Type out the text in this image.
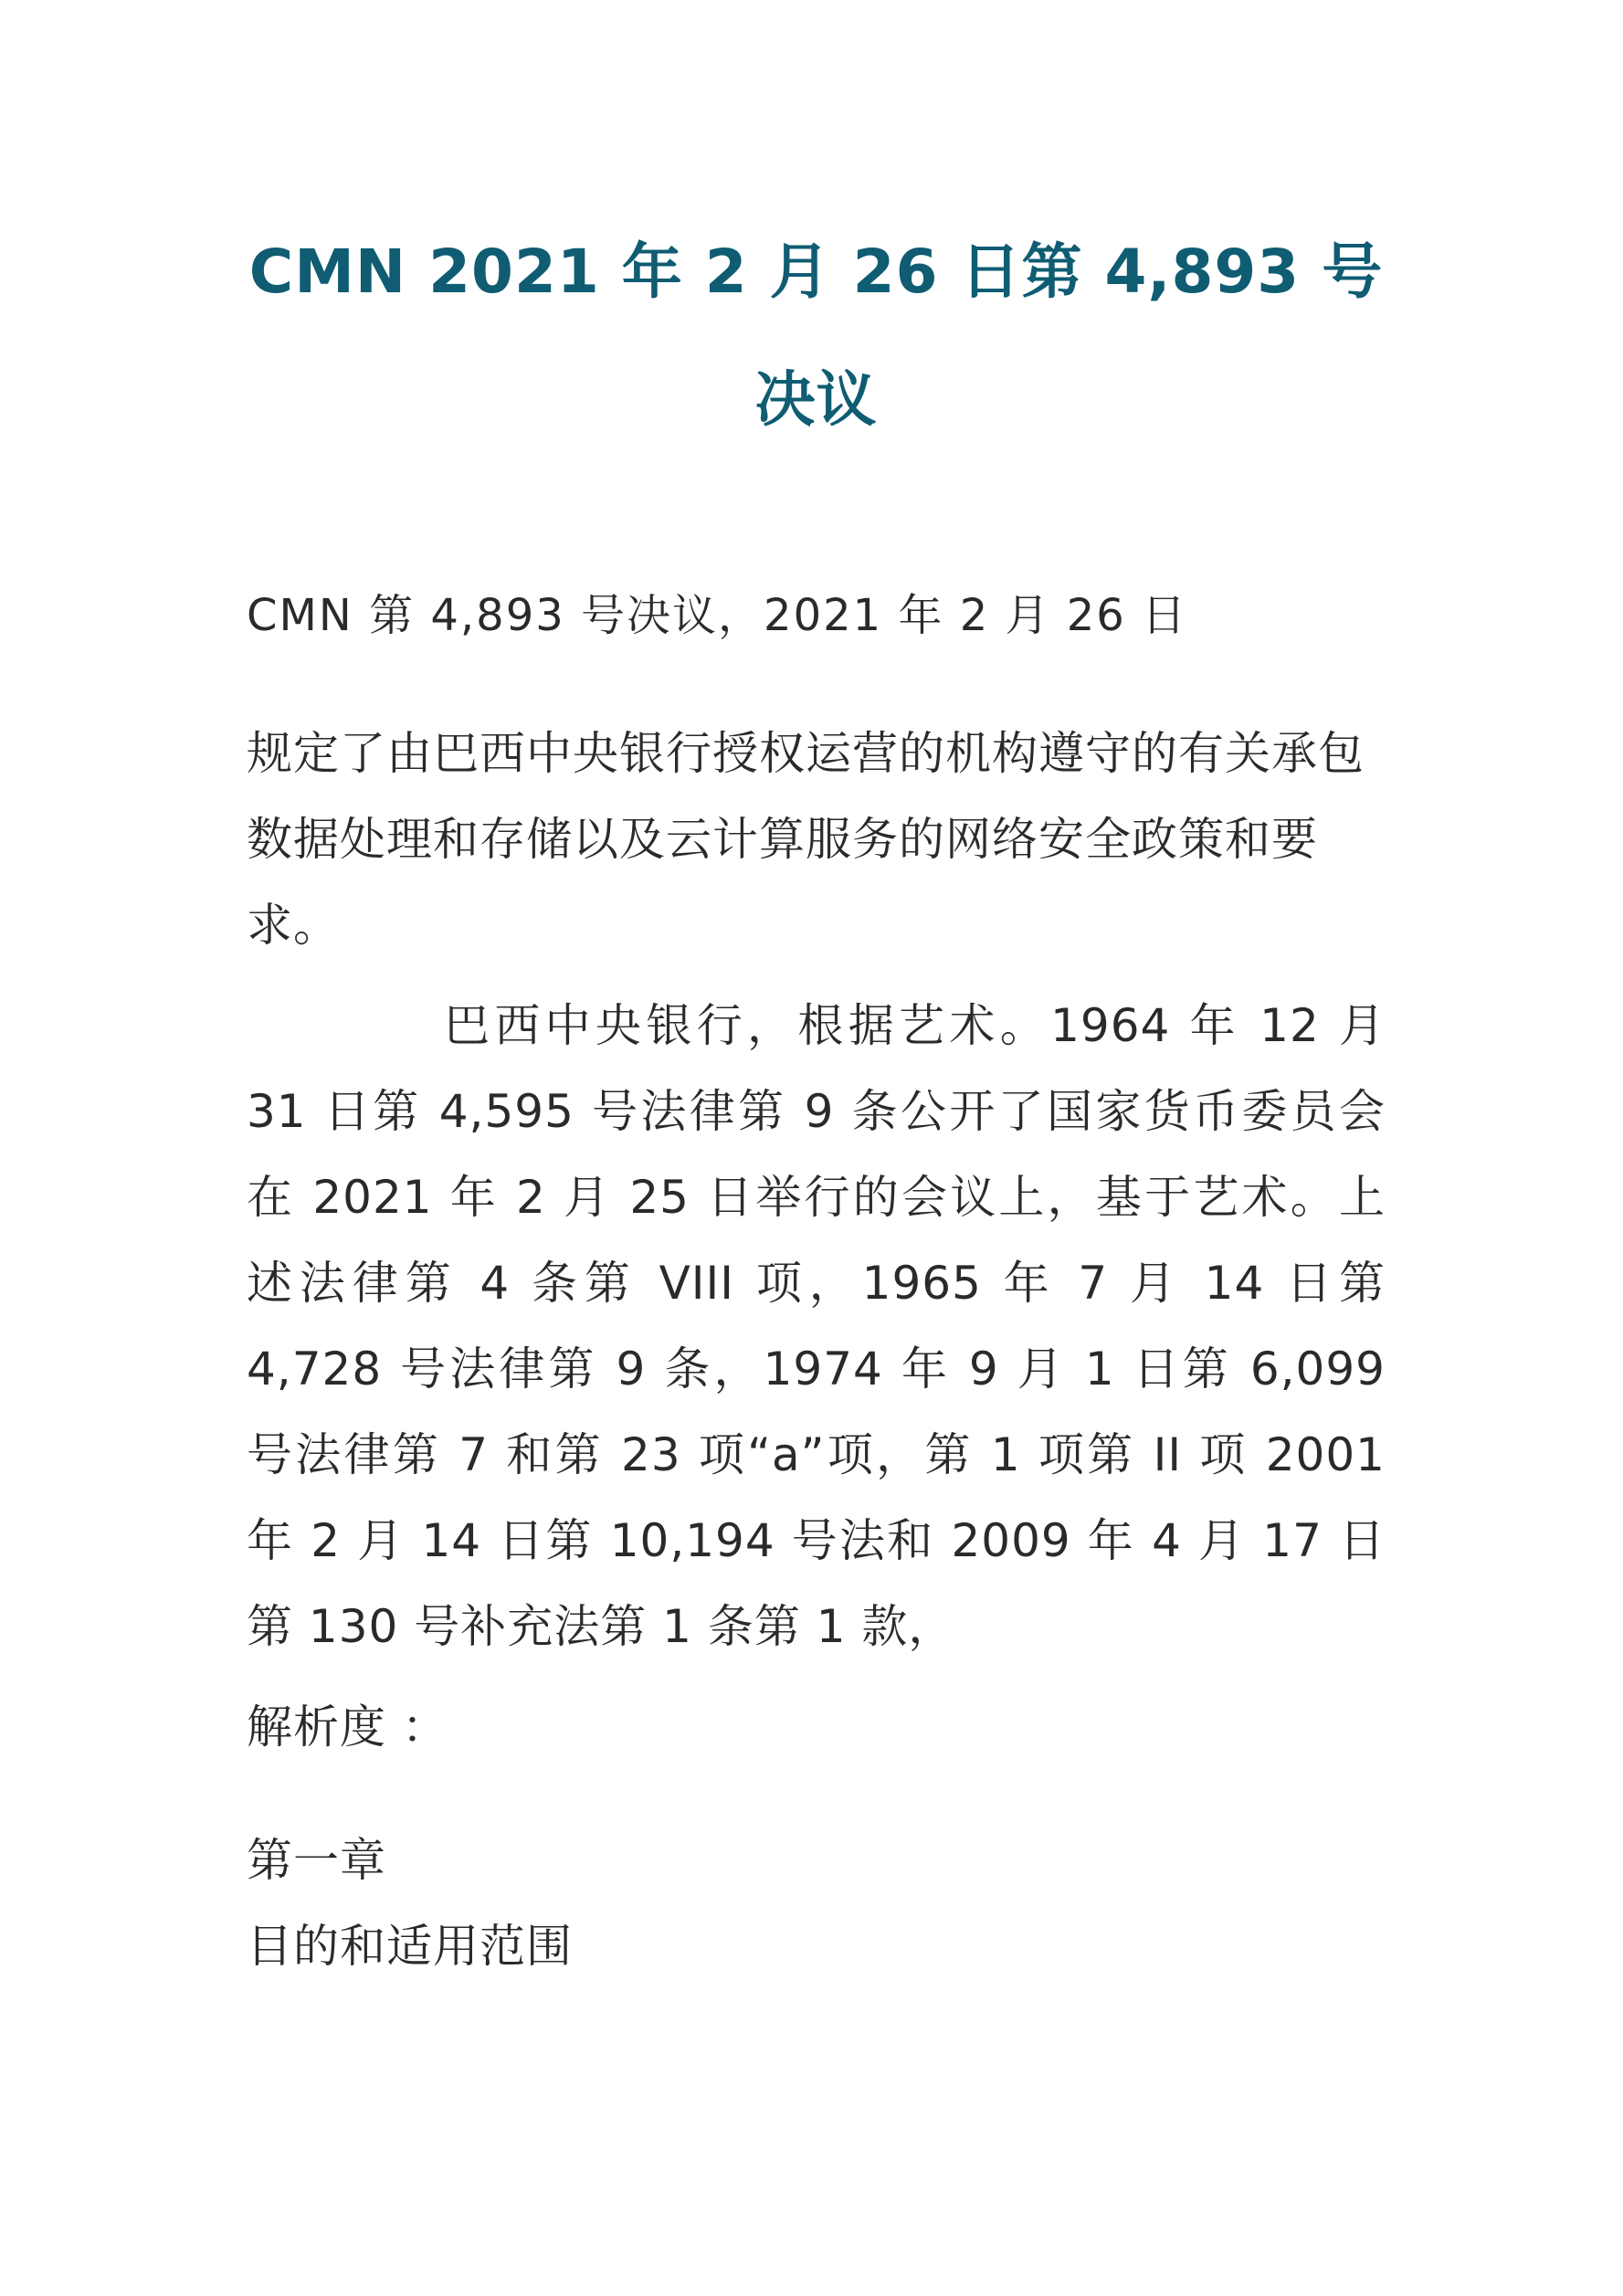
CMN 2021 年 2 月 26 日第 4,893 号
决议

CMN 第 4,893 号决议，2021 年 2 月 26 日

规定了由巴西中央银行授权运营的机构遵守的有关承包数据处理和存储以及云计算服务的网络安全政策和要求。

巴西中央银行，根据艺术。1964 年 12 月 31 日第 4,595 号法律第 9 条公开了国家货币委员会在 2021 年 2 月 25 日举行的会议上，基于艺术。上述法律第 4 条第 VIII 项，1965 年 7 月 14 日第 4,728 号法律第 9 条，1974 年 9 月 1 日第 6,099 号法律第 7 和第 23 项“a”项，第 1 项第 II 项 2001 年 2 月 14 日第 10,194 号法和 2009 年 4 月 17 日第 130 号补充法第 1 条第 1 款，

解析度 ：

第一章

目的和适用范围
